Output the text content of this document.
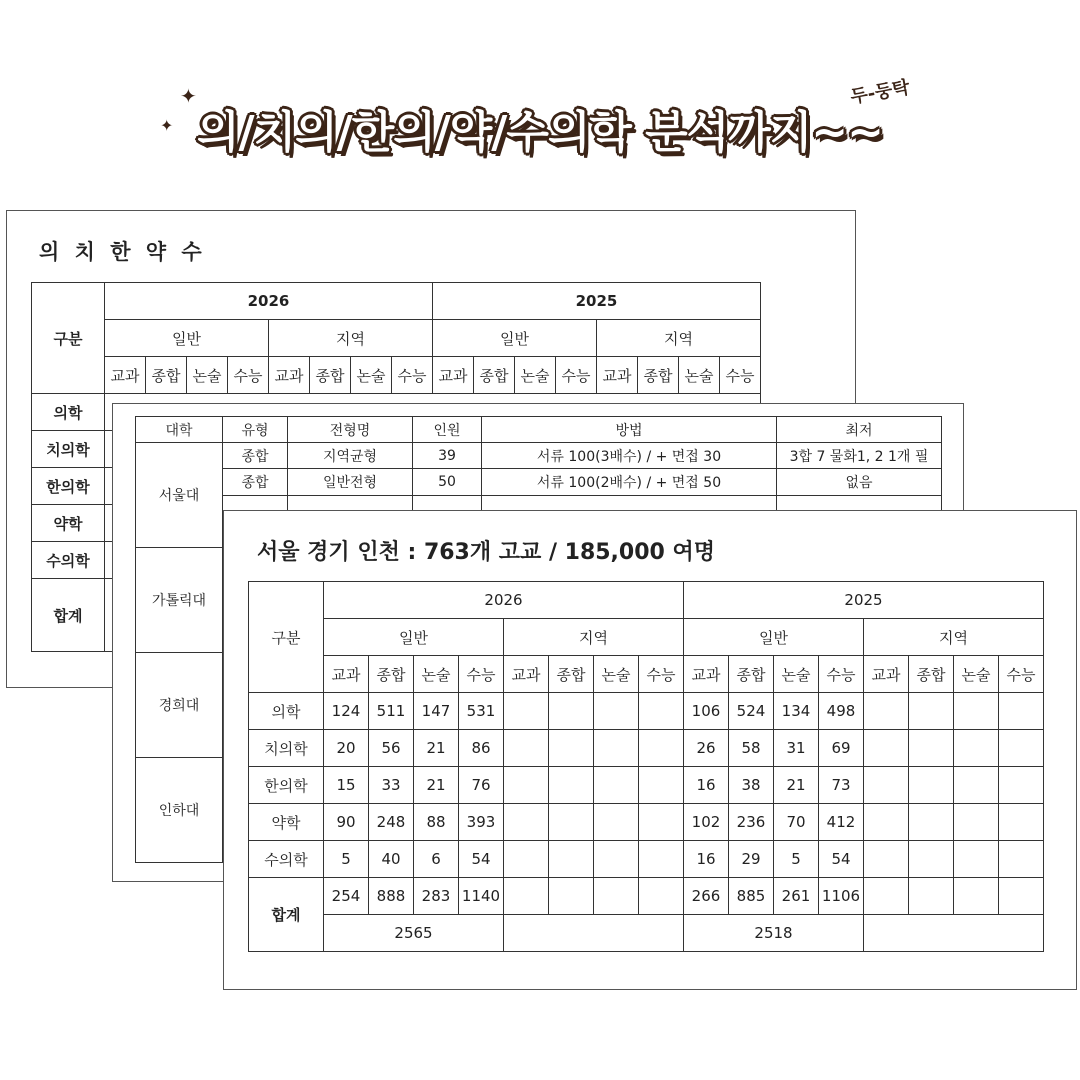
✦
✦ 의/치의/한의/약/수의학 분석까지~~
두-둥탁
의 치 한 약 수
구분	2026								2025							
	일반				지역				일반				지역			
	교과	종합	논술	수능	교과	종합	논술	수능	교과	종합	논술	수능	교과	종합	논술	수능
의학																
치의학																
한의학																
약학																
수의학																
합계																
대학	유형	전형명	인원	방법	최저
서울대	종합	지역균형	39	서류 100(3배수) / + 면접 30	3합 7 물화1, 2 1개 필
	종합	일반전형	50	서류 100(2배수) / + 면접 50	없음

가톨릭대					
경희대					
인하대					
서울 경기 인천 : 763개 고교 / 185,000 여명
구분	2026								2025							
	일반				지역				일반				지역			
	교과	종합	논술	수능	교과	종합	논술	수능	교과	종합	논술	수능	교과	종합	논술	수능
의학	124	511	147	531					106	524	134	498				
치의학	20	56	21	86					26	58	31	69				
한의학	15	33	21	76					16	38	21	73				
약학	90	248	88	393					102	236	70	412				
수의학	5	40	6	54					16	29	5	54				
합계	254	888	283	1140					266	885	261	1106				
	2565								2518							
